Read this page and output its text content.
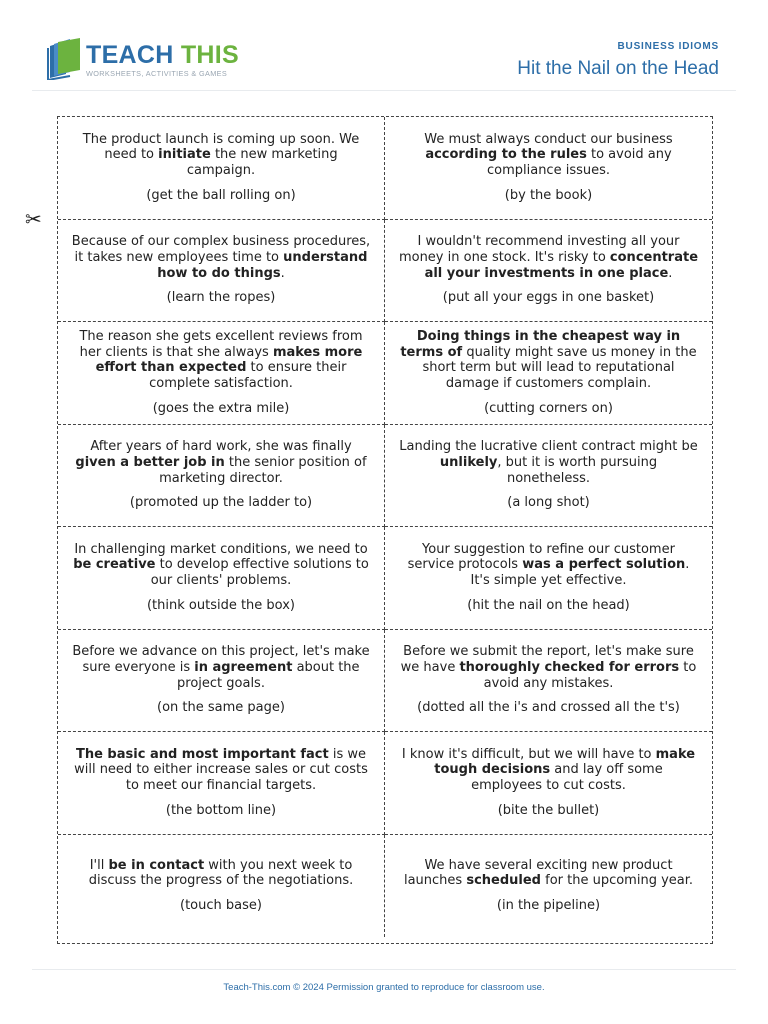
TEACH THIS
WORKSHEETS, ACTIVITIES & GAMES
BUSINESS IDIOMS
Hit the Nail on the Head
✂
The product launch is coming up soon. We need to initiate the new marketing campaign.
(get the ball rolling on)
We must always conduct our business according to the rules to avoid any compliance issues.
(by the book)
Because of our complex business procedures, it takes new employees time to understand how to do things.
(learn the ropes)
I wouldn't recommend investing all your money in one stock. It's risky to concentrate all your investments in one place.
(put all your eggs in one basket)
The reason she gets excellent reviews from her clients is that she always makes more effort than expected to ensure their complete satisfaction.
(goes the extra mile)
Doing things in the cheapest way in terms of quality might save us money in the short term but will lead to reputational damage if customers complain.
(cutting corners on)
After years of hard work, she was finally given a better job in the senior position of marketing director.
(promoted up the ladder to)
Landing the lucrative client contract might be unlikely, but it is worth pursuing nonetheless.
(a long shot)
In challenging market conditions, we need to be creative to develop effective solutions to our clients' problems.
(think outside the box)
Your suggestion to refine our customer service protocols was a perfect solution. It's simple yet effective.
(hit the nail on the head)
Before we advance on this project, let's make sure everyone is in agreement about the project goals.
(on the same page)
Before we submit the report, let's make sure we have thoroughly checked for errors to avoid any mistakes.
(dotted all the i's and crossed all the t's)
The basic and most important fact is we will need to either increase sales or cut costs to meet our financial targets.
(the bottom line)
I know it's difficult, but we will have to make tough decisions and lay off some employees to cut costs.
(bite the bullet)
I'll be in contact with you next week to discuss the progress of the negotiations.
(touch base)
We have several exciting new product launches scheduled for the upcoming year.
(in the pipeline)
Teach-This.com © 2024 Permission granted to reproduce for classroom use.
